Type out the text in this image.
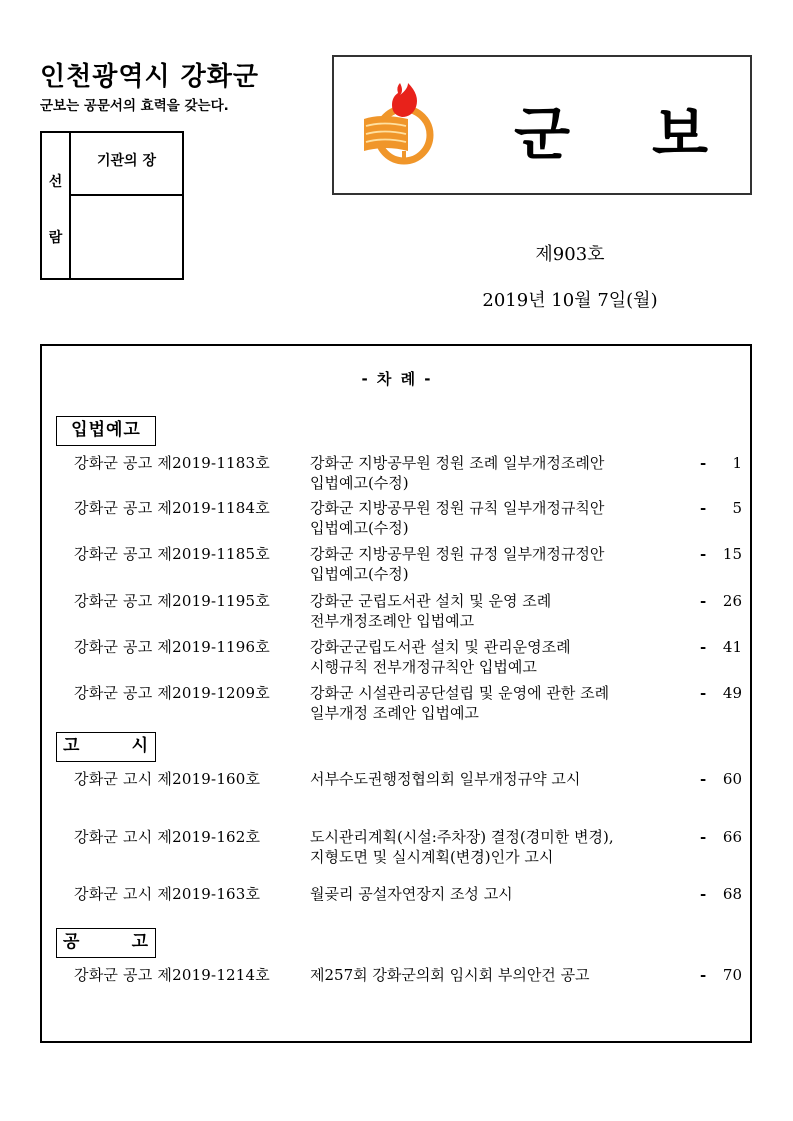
인천광역시 강화군
군보는 공문서의 효력을 갖는다.
선
람
기관의 장	군 보
제903호
2019년 10월 7일(월)
- 차 례 -
입법예고
강화군 공고 제2019-1183호	강화군 지방공무원 정원 조례 일부개정조례안
입법예고(수정)
- 1
강화군 공고 제2019-1184호	강화군 지방공무원 정원 규칙 일부개정규칙안
입법예고(수정)
- 5
강화군 공고 제2019-1185호	강화군 지방공무원 정원 규정 일부개정규정안
입법예고(수정)
- 15
강화군 공고 제2019-1195호	강화군 군립도서관 설치 및 운영 조례
전부개정조례안 입법예고
- 26
강화군 공고 제2019-1196호	강화군군립도서관 설치 및 관리운영조례
시행규칙 전부개정규칙안 입법예고
- 41
강화군 공고 제2019-1209호	강화군 시설관리공단설립 및 운영에 관한 조례
일부개정 조례안 입법예고
- 49
고	시
강화군 고시 제2019-160호	서부수도권행정협의회 일부개정규약 고시	- 60
강화군 고시 제2019-162호	도시관리계획(시설:주차장) 결정(경미한 변경),
지형도면 및 실시계획(변경)인가 고시
- 66
강화군 고시 제2019-163호	월곶리 공설자연장지 조성 고시	- 68
공	고
강화군 공고 제2019-1214호	제257회 강화군의회 임시회 부의안건 공고	- 70
